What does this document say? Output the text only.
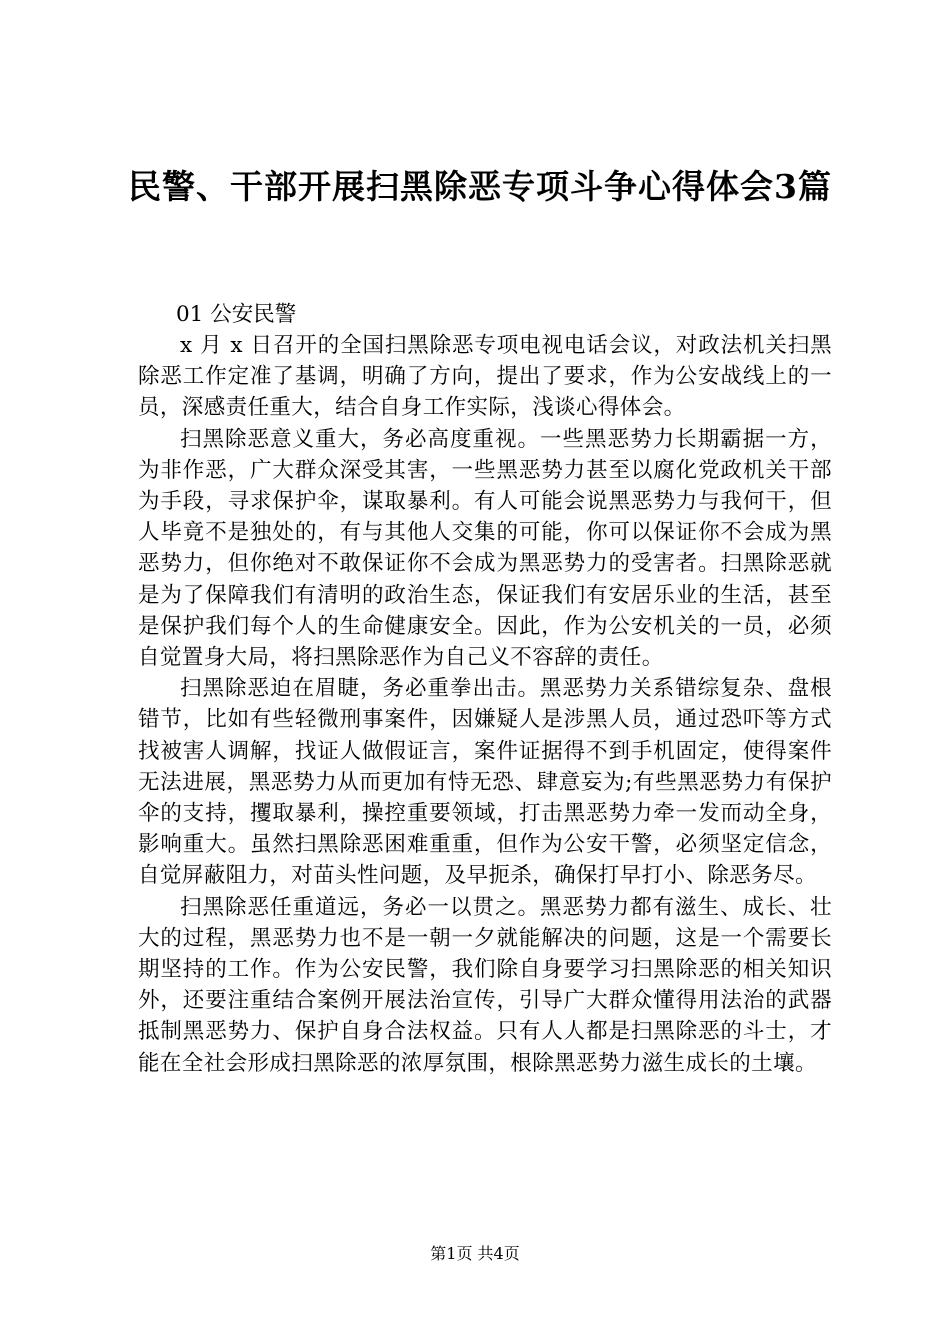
民警、干部开展扫黑除恶专项斗争心得体会3篇

01 公安民警

x 月 x 日召开的全国扫黑除恶专项电视电话会议，对政法机关扫黑除恶工作定准了基调，明确了方向，提出了要求，作为公安战线上的一员，深感责任重大，结合自身工作实际，浅谈心得体会。

扫黑除恶意义重大，务必高度重视。一些黑恶势力长期霸据一方，为非作恶，广大群众深受其害，一些黑恶势力甚至以腐化党政机关干部为手段，寻求保护伞，谋取暴利。有人可能会说黑恶势力与我何干，但人毕竟不是独处的，有与其他人交集的可能，你可以保证你不会成为黑恶势力，但你绝对不敢保证你不会成为黑恶势力的受害者。扫黑除恶就是为了保障我们有清明的政治生态，保证我们有安居乐业的生活，甚至是保护我们每个人的生命健康安全。因此，作为公安机关的一员，必须自觉置身大局，将扫黑除恶作为自己义不容辞的责任。

扫黑除恶迫在眉睫，务必重拳出击。黑恶势力关系错综复杂、盘根错节，比如有些轻微刑事案件，因嫌疑人是涉黑人员，通过恐吓等方式找被害人调解，找证人做假证言，案件证据得不到手机固定，使得案件无法进展，黑恶势力从而更加有恃无恐、肆意妄为;有些黑恶势力有保护伞的支持，攫取暴利，操控重要领域，打击黑恶势力牵一发而动全身，影响重大。虽然扫黑除恶困难重重，但作为公安干警，必须坚定信念，自觉屏蔽阻力，对苗头性问题，及早扼杀，确保打早打小、除恶务尽。

扫黑除恶任重道远，务必一以贯之。黑恶势力都有滋生、成长、壮大的过程，黑恶势力也不是一朝一夕就能解决的问题，这是一个需要长期坚持的工作。作为公安民警，我们除自身要学习扫黑除恶的相关知识外，还要注重结合案例开展法治宣传，引导广大群众懂得用法治的武器抵制黑恶势力、保护自身合法权益。只有人人都是扫黑除恶的斗士，才能在全社会形成扫黑除恶的浓厚氛围，根除黑恶势力滋生成长的土壤。

第1页 共4页
